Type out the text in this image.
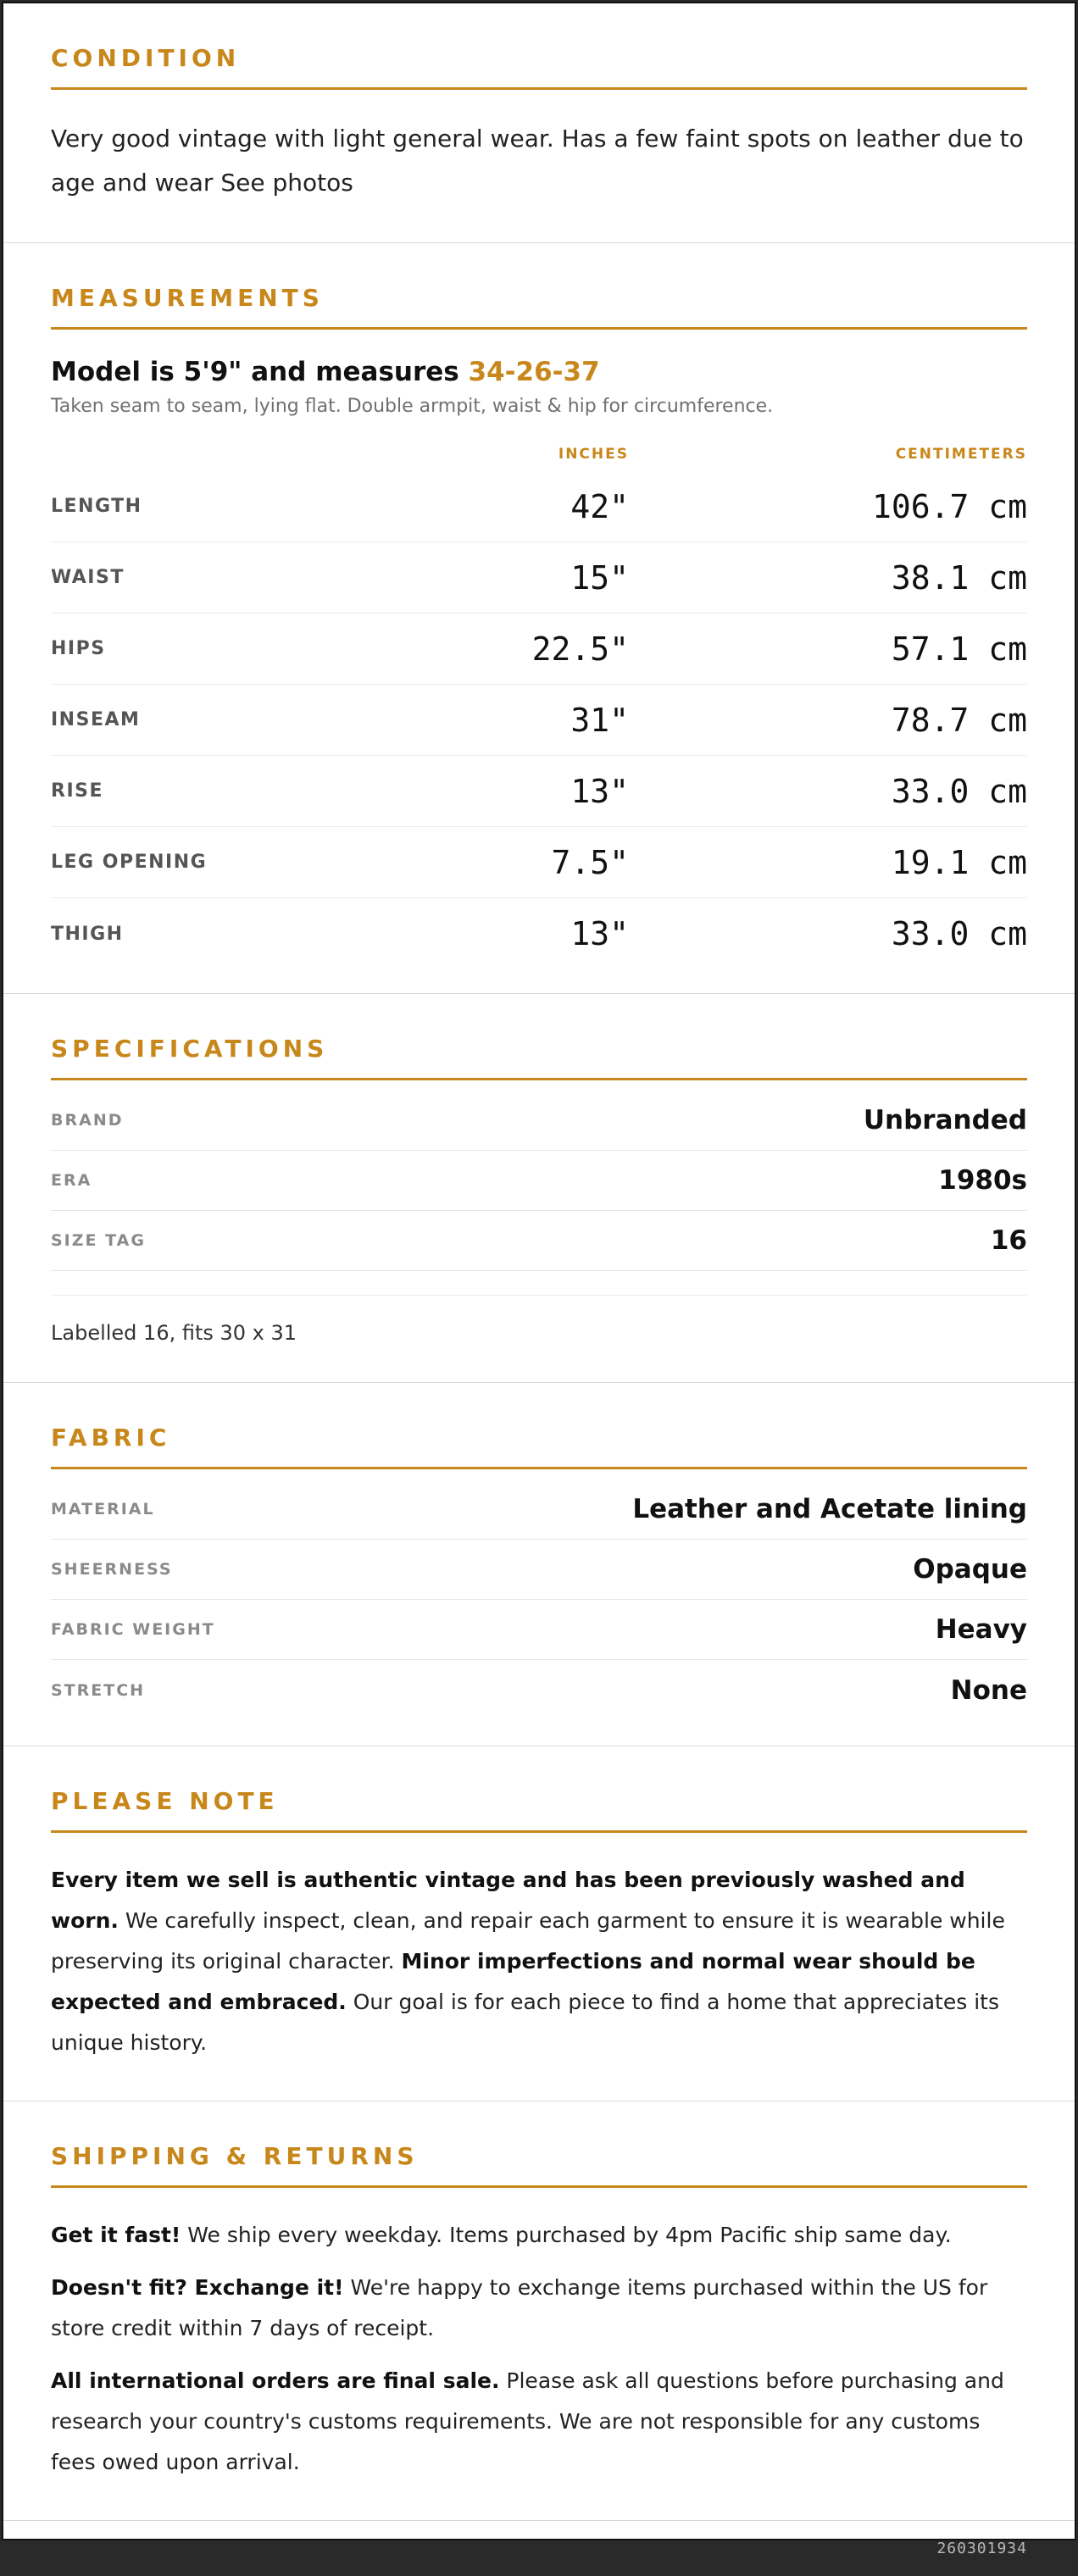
CONDITION
Very good vintage with light general wear. Has a few faint spots on leather due to age and wear See photos
MEASUREMENTS
Model is 5'9" and measures 34-26-37
Taken seam to seam, lying flat. Double armpit, waist & hip for circumference.
INCHES	CENTIMETERS
LENGTH	42"	106.7 cm
WAIST	15"	38.1 cm
HIPS	22.5"	57.1 cm
INSEAM	31"	78.7 cm
RISE	13"	33.0 cm
LEG OPENING	7.5"	19.1 cm
THIGH	13"	33.0 cm
SPECIFICATIONS
BRAND	Unbranded
ERA	1980s
SIZE TAG	16
Labelled 16, fits 30 x 31
FABRIC
MATERIAL	Leather and Acetate lining
SHEERNESS	Opaque
FABRIC WEIGHT	Heavy
STRETCH	None
PLEASE NOTE
Every item we sell is authentic vintage and has been previously washed and worn. We carefully inspect, clean, and repair each garment to ensure it is wearable while preserving its original character. Minor imperfections and normal wear should be expected and embraced. Our goal is for each piece to find a home that appreciates its unique history.
SHIPPING & RETURNS
Get it fast! We ship every weekday. Items purchased by 4pm Pacific ship same day.
Doesn't fit? Exchange it! We're happy to exchange items purchased within the US for store credit within 7 days of receipt.
All international orders are final sale. Please ask all questions before purchasing and research your country's customs requirements. We are not responsible for any customs fees owed upon arrival.
260301934
